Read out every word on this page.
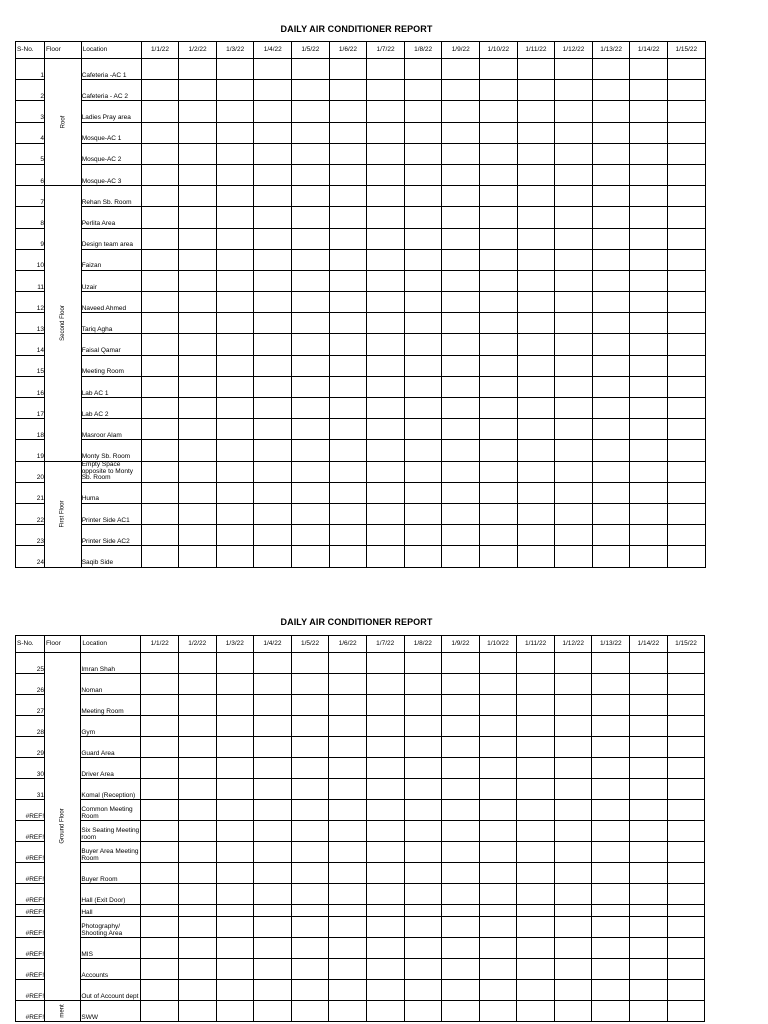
DAILY AIR CONDITIONER REPORT
S-No.	Floor	Location	1/1/22	1/2/22	1/3/22	1/4/22	1/5/22	1/6/22	1/7/22	1/8/22	1/9/22	1/10/22	1/11/22	1/12/22	1/13/22	1/14/22	1/15/22
1	Roof	Cafeteria -AC 1															
2		Cafeteria - AC 2															
3		Ladies Pray area															
4		Mosque-AC 1															
5		Mosque-AC 2															
6		Mosque-AC 3															
7	Second Floor	Rehan Sb. Room															
8		Perlita Area															
9		Design team area															
10		Faizan															
11		Uzair															
12		Naveed Ahmed															
13		Tariq Agha															
14		Faisal Qamar															
15		Meeting Room															
16		Lab AC 1															
17		Lab AC 2															
18		Masroor Alam															
19		Monty Sb. Room															
20	First Floor	Empty Space opposite to Monty Sb. Room															
21		Huma															
22		Printer Side AC1															
23		Printer Side AC2															
24		Saqib Side															
DAILY AIR CONDITIONER REPORT
S-No.	Floor	Location	1/1/22	1/2/22	1/3/22	1/4/22	1/5/22	1/6/22	1/7/22	1/8/22	1/9/22	1/10/22	1/11/22	1/12/22	1/13/22	1/14/22	1/15/22
25	Ground Floor	Imran Shah															
26		Noman															
27		Meeting Room															
28		Gym															
29		Guard Area															
30		Driver Area															
31		Komal (Reception)															
#REF!		Common Meeting Room															
#REF!		Six Seating Meeting room															
#REF!		Buyer Area Meeting Room															
#REF!		Buyer Room															
#REF!		Hall (Exit Door)															
#REF!		Hall															
#REF!		Photography/ Shooting Area															
#REF!		MIS															
#REF!		Accounts															
#REF!		Out of Account dept															
#REF!	ment	SWW															
